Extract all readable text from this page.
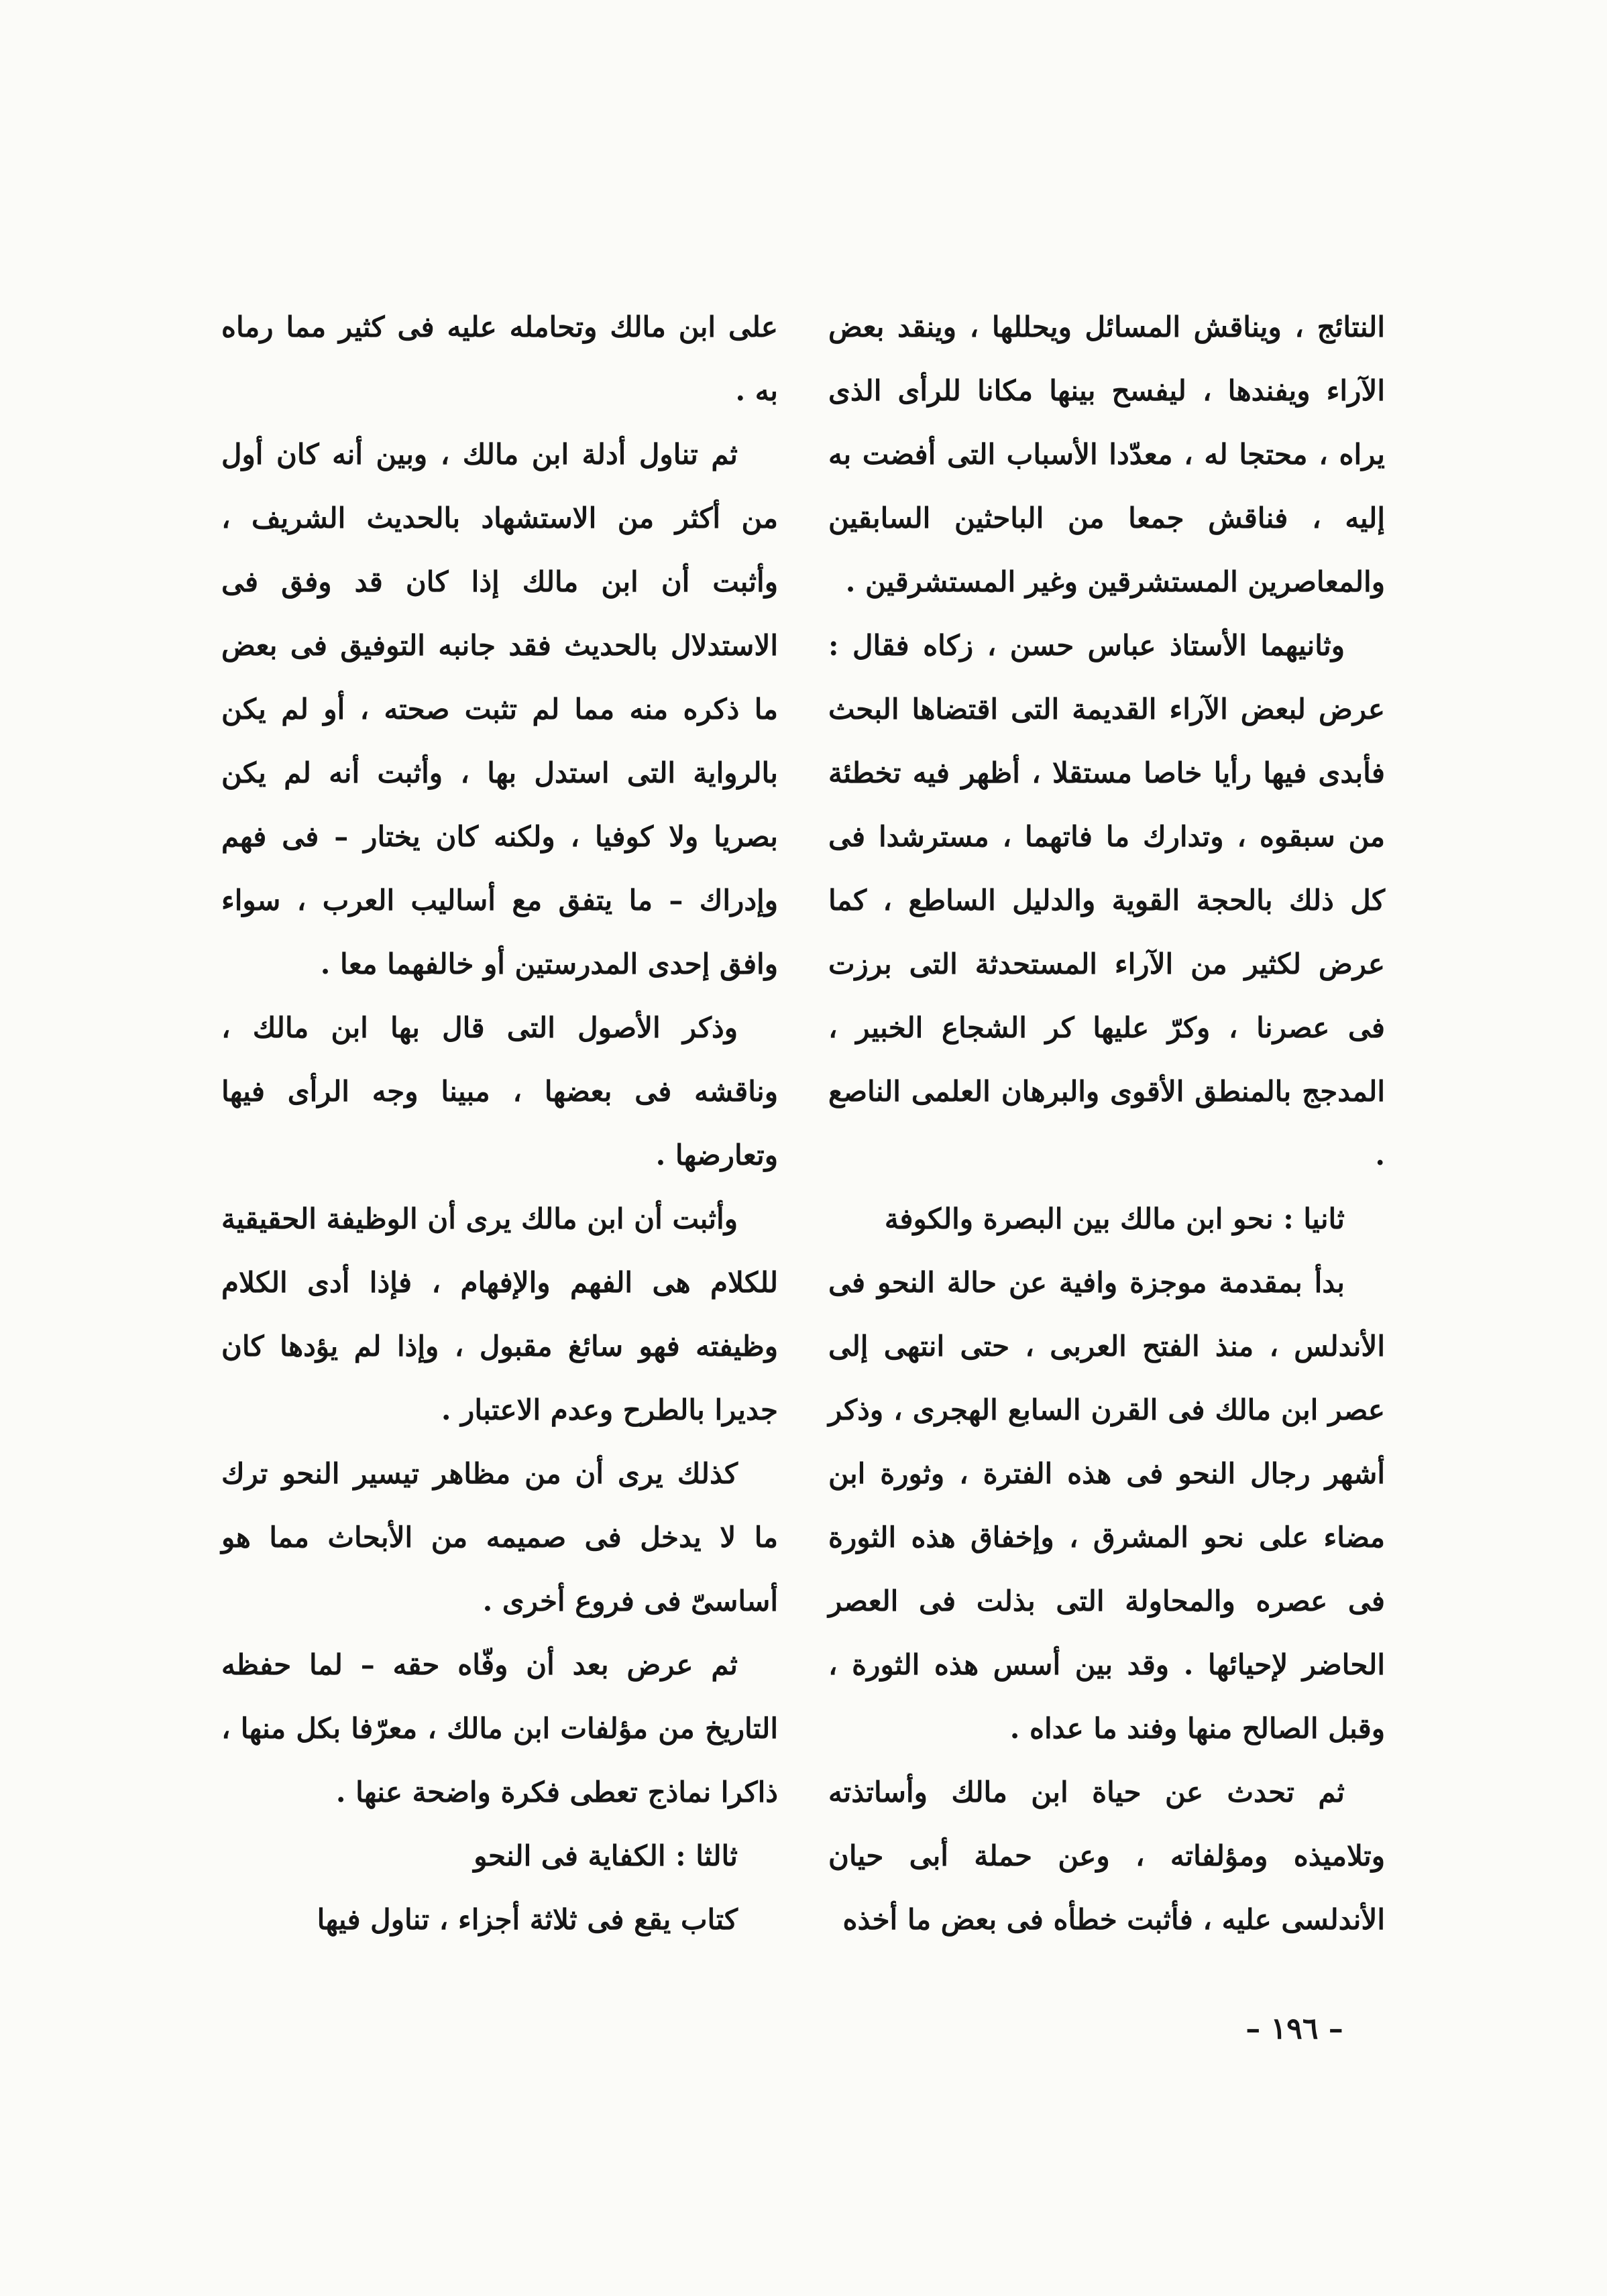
النتائج ، ويناقش المسائل ويحللها ، وينقد بعض الآراء ويفندها ، ليفسح بينها مكانا للرأى الذى يراه ، محتجا له ، معدّدا الأسباب التى أفضت به إليه ، فناقش جمعا من الباحثين السابقين والمعاصرين المستشرقين وغير المستشرقين .

وثانيهما الأستاذ عباس حسن ، زكاه فقال : عرض لبعض الآراء القديمة التى اقتضاها البحث فأبدى فيها رأيا خاصا مستقلا ، أظهر فيه تخطئة من سبقوه ، وتدارك ما فاتهما ، مسترشدا فى كل ذلك بالحجة القوية والدليل الساطع ، كما عرض لكثير من الآراء المستحدثة التى برزت فى عصرنا ، وكرّ عليها كر الشجاع الخبير ، المدجج بالمنطق الأقوى والبرهان العلمى الناصع .

ثانيا : نحو ابن مالك بين البصرة والكوفة

بدأ بمقدمة موجزة وافية عن حالة النحو فى الأندلس ، منذ الفتح العربى ، حتى انتهى إلى عصر ابن مالك فى القرن السابع الهجرى ، وذكر أشهر رجال النحو فى هذه الفترة ، وثورة ابن مضاء على نحو المشرق ، وإخفاق هذه الثورة فى عصره والمحاولة التى بذلت فى العصر الحاضر لإحيائها . وقد بين أسس هذه الثورة ، وقبل الصالح منها وفند ما عداه .

ثم تحدث عن حياة ابن مالك وأساتذته وتلاميذه ومؤلفاته ، وعن حملة أبى حيان الأندلسى عليه ، فأثبت خطأه فى بعض ما أخذه

على ابن مالك وتحامله عليه فى كثير مما رماه به .

ثم تناول أدلة ابن مالك ، وبين أنه كان أول من أكثر من الاستشهاد بالحديث الشريف ، وأثبت أن ابن مالك إذا كان قد وفق فى الاستدلال بالحديث فقد جانبه التوفيق فى بعض ما ذكره منه مما لم تثبت صحته ، أو لم يكن بالرواية التى استدل بها ، وأثبت أنه لم يكن بصريا ولا كوفيا ، ولكنه كان يختار – فى فهم وإدراك – ما يتفق مع أساليب العرب ، سواء وافق إحدى المدرستين أو خالفهما معا .

وذكر الأصول التى قال بها ابن مالك ، وناقشه فى بعضها ، مبينا وجه الرأى فيها وتعارضها .

وأثبت أن ابن مالك يرى أن الوظيفة الحقيقية للكلام هى الفهم والإفهام ، فإذا أدى الكلام وظيفته فهو سائغ مقبول ، وإذا لم يؤدها كان جديرا بالطرح وعدم الاعتبار .

كذلك يرى أن من مظاهر تيسير النحو ترك ما لا يدخل فى صميمه من الأبحاث مما هو أساسىّ فى فروع أخرى .

ثم عرض بعد أن وفّاه حقه – لما حفظه التاريخ من مؤلفات ابن مالك ، معرّفا بكل منها ، ذاكرا نماذج تعطى فكرة واضحة عنها .

ثالثا : الكفاية فى النحو

كتاب يقع فى ثلاثة أجزاء ، تناول فيها

– ١٩٦ –
